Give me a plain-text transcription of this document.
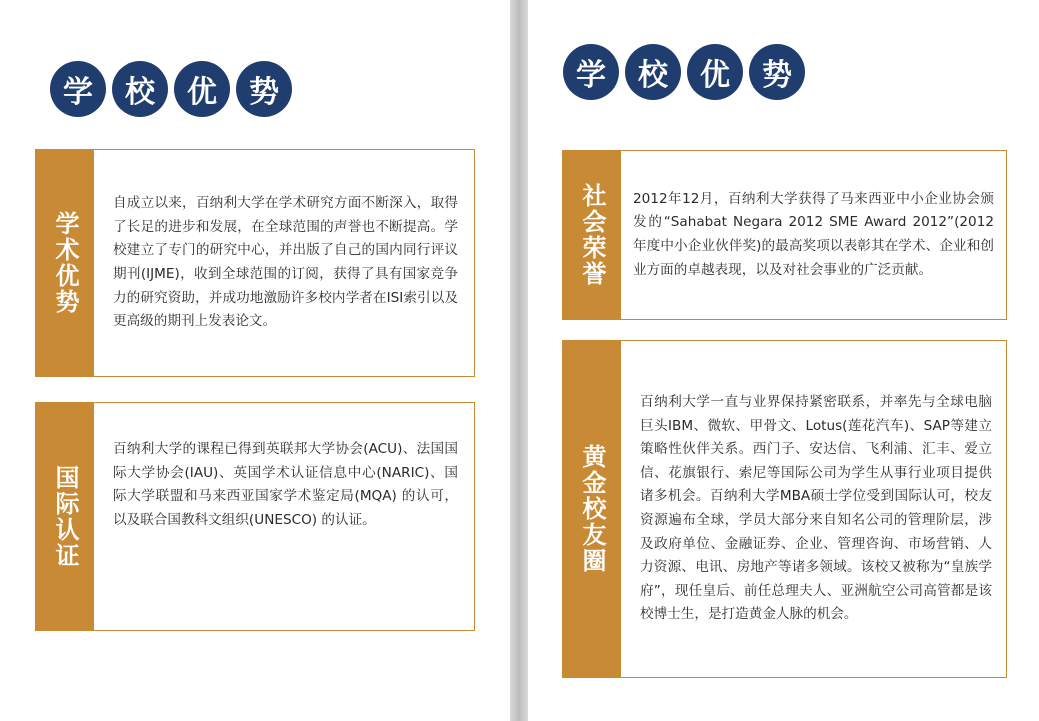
学	校	优	势
学术优势

自成立以来，百纳利大学在学术研究方面不断深入，取得了长足的进步和发展，在全球范围的声誉也不断提高。学校建立了专门的研究中心，并出版了自己的国内同行评议期刊(IJME)，收到全球范围的订阅，获得了具有国家竞争力的研究资助，并成功地激励许多校内学者在ISI索引以及更高级的期刊上发表论文。

国际认证

百纳利大学的课程已得到英联邦大学协会(ACU)、法国国际大学协会(IAU)、英国学术认证信息中心(NARIC)、国际大学联盟和马来西亚国家学术鉴定局(MQA) 的认可，以及联合国教科文组织(UNESCO) 的认证。

学	校	优	势
社会荣誉	2012年12月，百纳利大学获得了马来西亚中小企业协会颁发的“Sahabat Negara 2012 SME Award 2012”(2012年度中小企业伙伴奖)的最高奖项以表彰其在学术、企业和创业方面的卓越表现，以及对社会事业的广泛贡献。

黄金校友圈

百纳利大学一直与业界保持紧密联系，并率先与全球电脑巨头IBM、微软、甲骨文、Lotus(莲花汽车)、SAP等建立策略性伙伴关系。西门子、安达信、飞利浦、汇丰、爱立信、花旗银行、索尼等国际公司为学生从事行业项目提供诸多机会。百纳利大学MBA硕士学位受到国际认可，校友资源遍布全球，学员大部分来自知名公司的管理阶层，涉及政府单位、金融证券、企业、管理咨询、市场营销、人力资源、电讯、房地产等诸多领域。该校又被称为“皇族学府”，现任皇后、前任总理夫人、亚洲航空公司高管都是该校博士生，是打造黄金人脉的机会。
